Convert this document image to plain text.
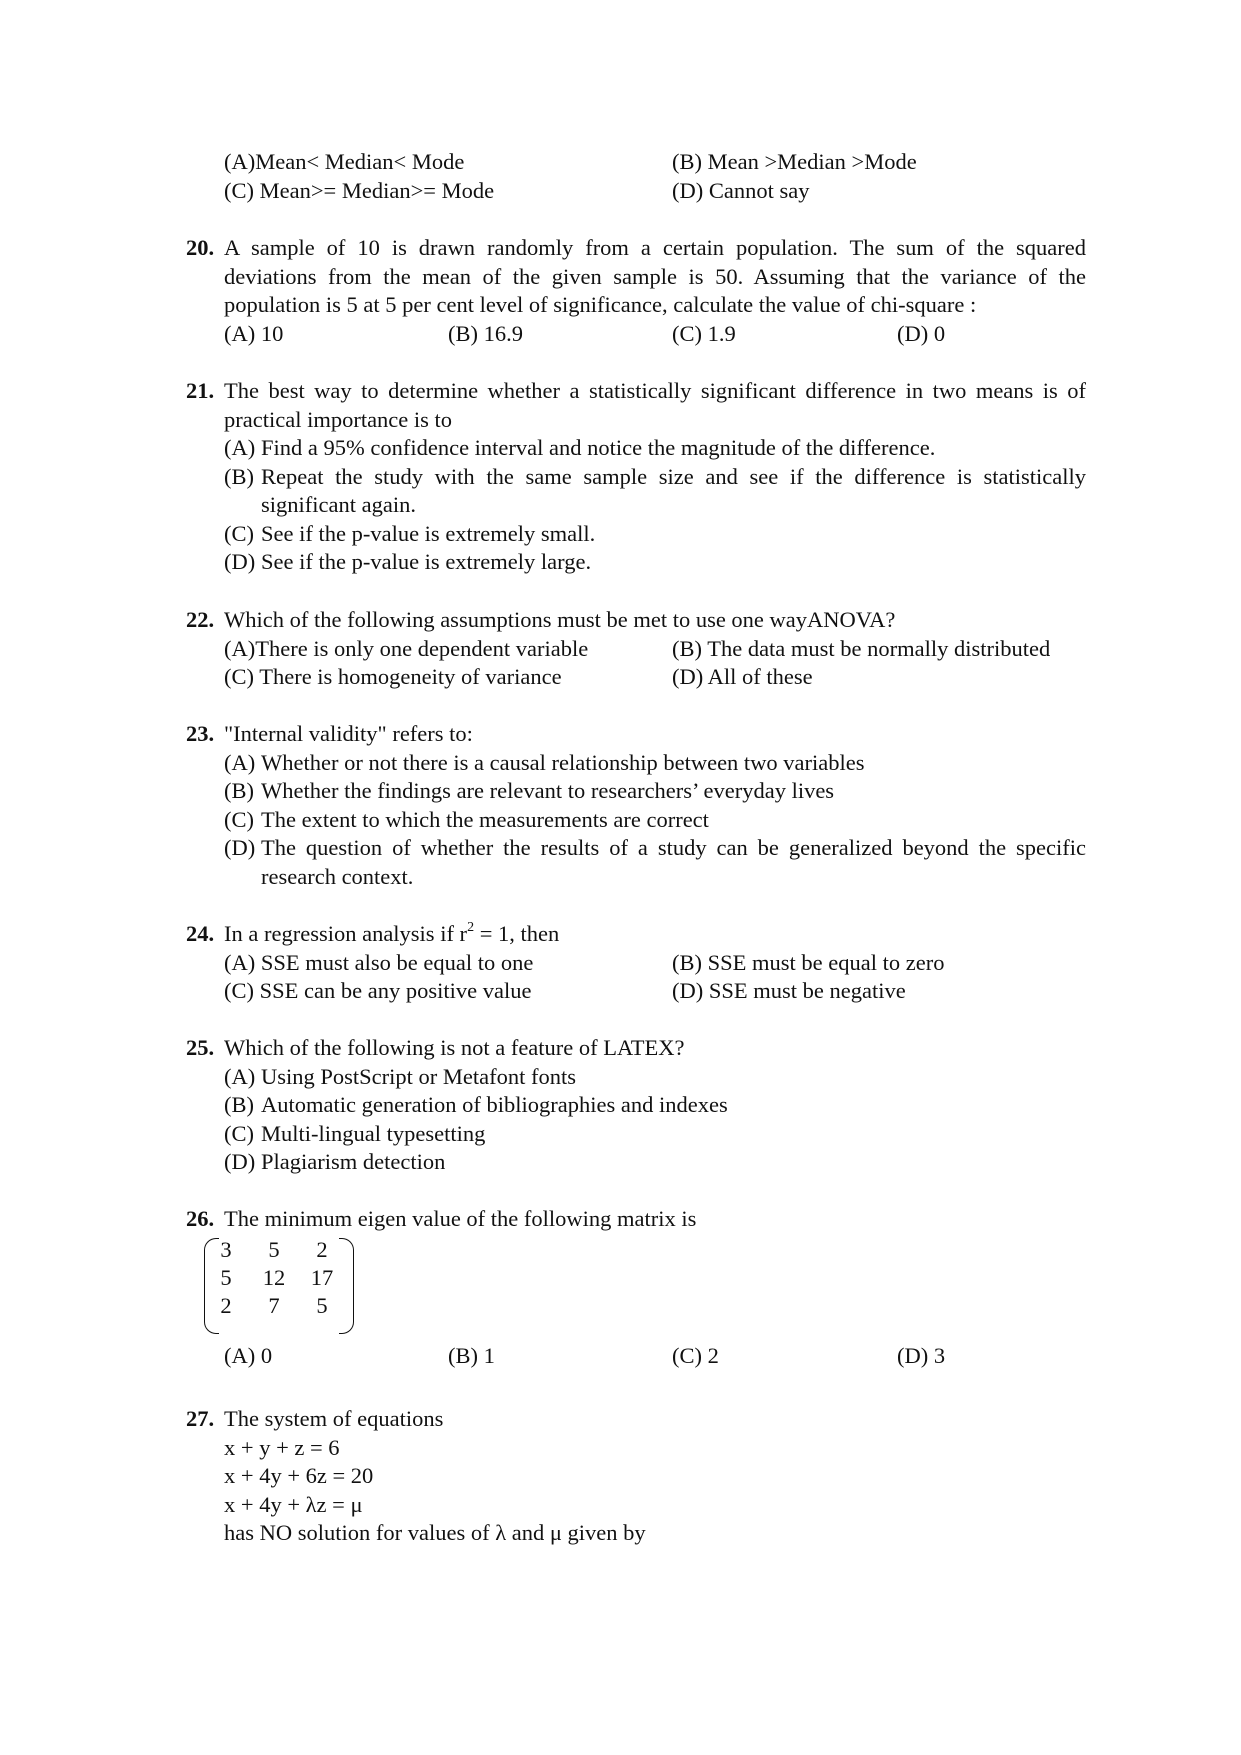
(A)Mean< Median< Mode	(B) Mean >Median >Mode
(C) Mean>= Median>= Mode	(D) Cannot say
20. A sample of 10 is drawn randomly from a certain population. The sum of the squared deviations from the mean of the given sample is 50. Assuming that the variance of the population is 5 at 5 per cent level of significance, calculate the value of chi-square :
(A) 10	(B) 16.9	(C) 1.9	(D) 0
21. The best way to determine whether a statistically significant difference in two means is of practical importance is to
(A) Find a 95% confidence interval and notice the magnitude of the difference.
(B) Repeat the study with the same sample size and see if the difference is statistically significant again.
(C) See if the p-value is extremely small.
(D) See if the p-value is extremely large.
22. Which of the following assumptions must be met to use one wayANOVA?
(A)There is only one dependent variable	(B) The data must be normally distributed
(C) There is homogeneity of variance	(D) All of these
23. "Internal validity" refers to:
(A) Whether or not there is a causal relationship between two variables
(B) Whether the findings are relevant to researchers’ everyday lives
(C) The extent to which the measurements are correct
(D) The question of whether the results of a study can be generalized beyond the specific research context.
24. In a regression analysis if $r^2 = 1$, then
(A) SSE must also be equal to one	(B) SSE must be equal to zero
(C) SSE can be any positive value	(D) SSE must be negative
25. Which of the following is not a feature of LATEX?
(A) Using PostScript or Metafont fonts
(B) Automatic generation of bibliographies and indexes
(C) Multi-lingual typesetting
(D) Plagiarism detection
26. The minimum eigen value of the following matrix is
3	5	2
5	12	17
2	7	5
(A) 0	(B) 1	(C) 2	(D) 3
27. The system of equations
x + y + z = 6
x + 4y + 6z = 20
x + 4y + λz = μ
has NO solution for values of λ and μ given by
